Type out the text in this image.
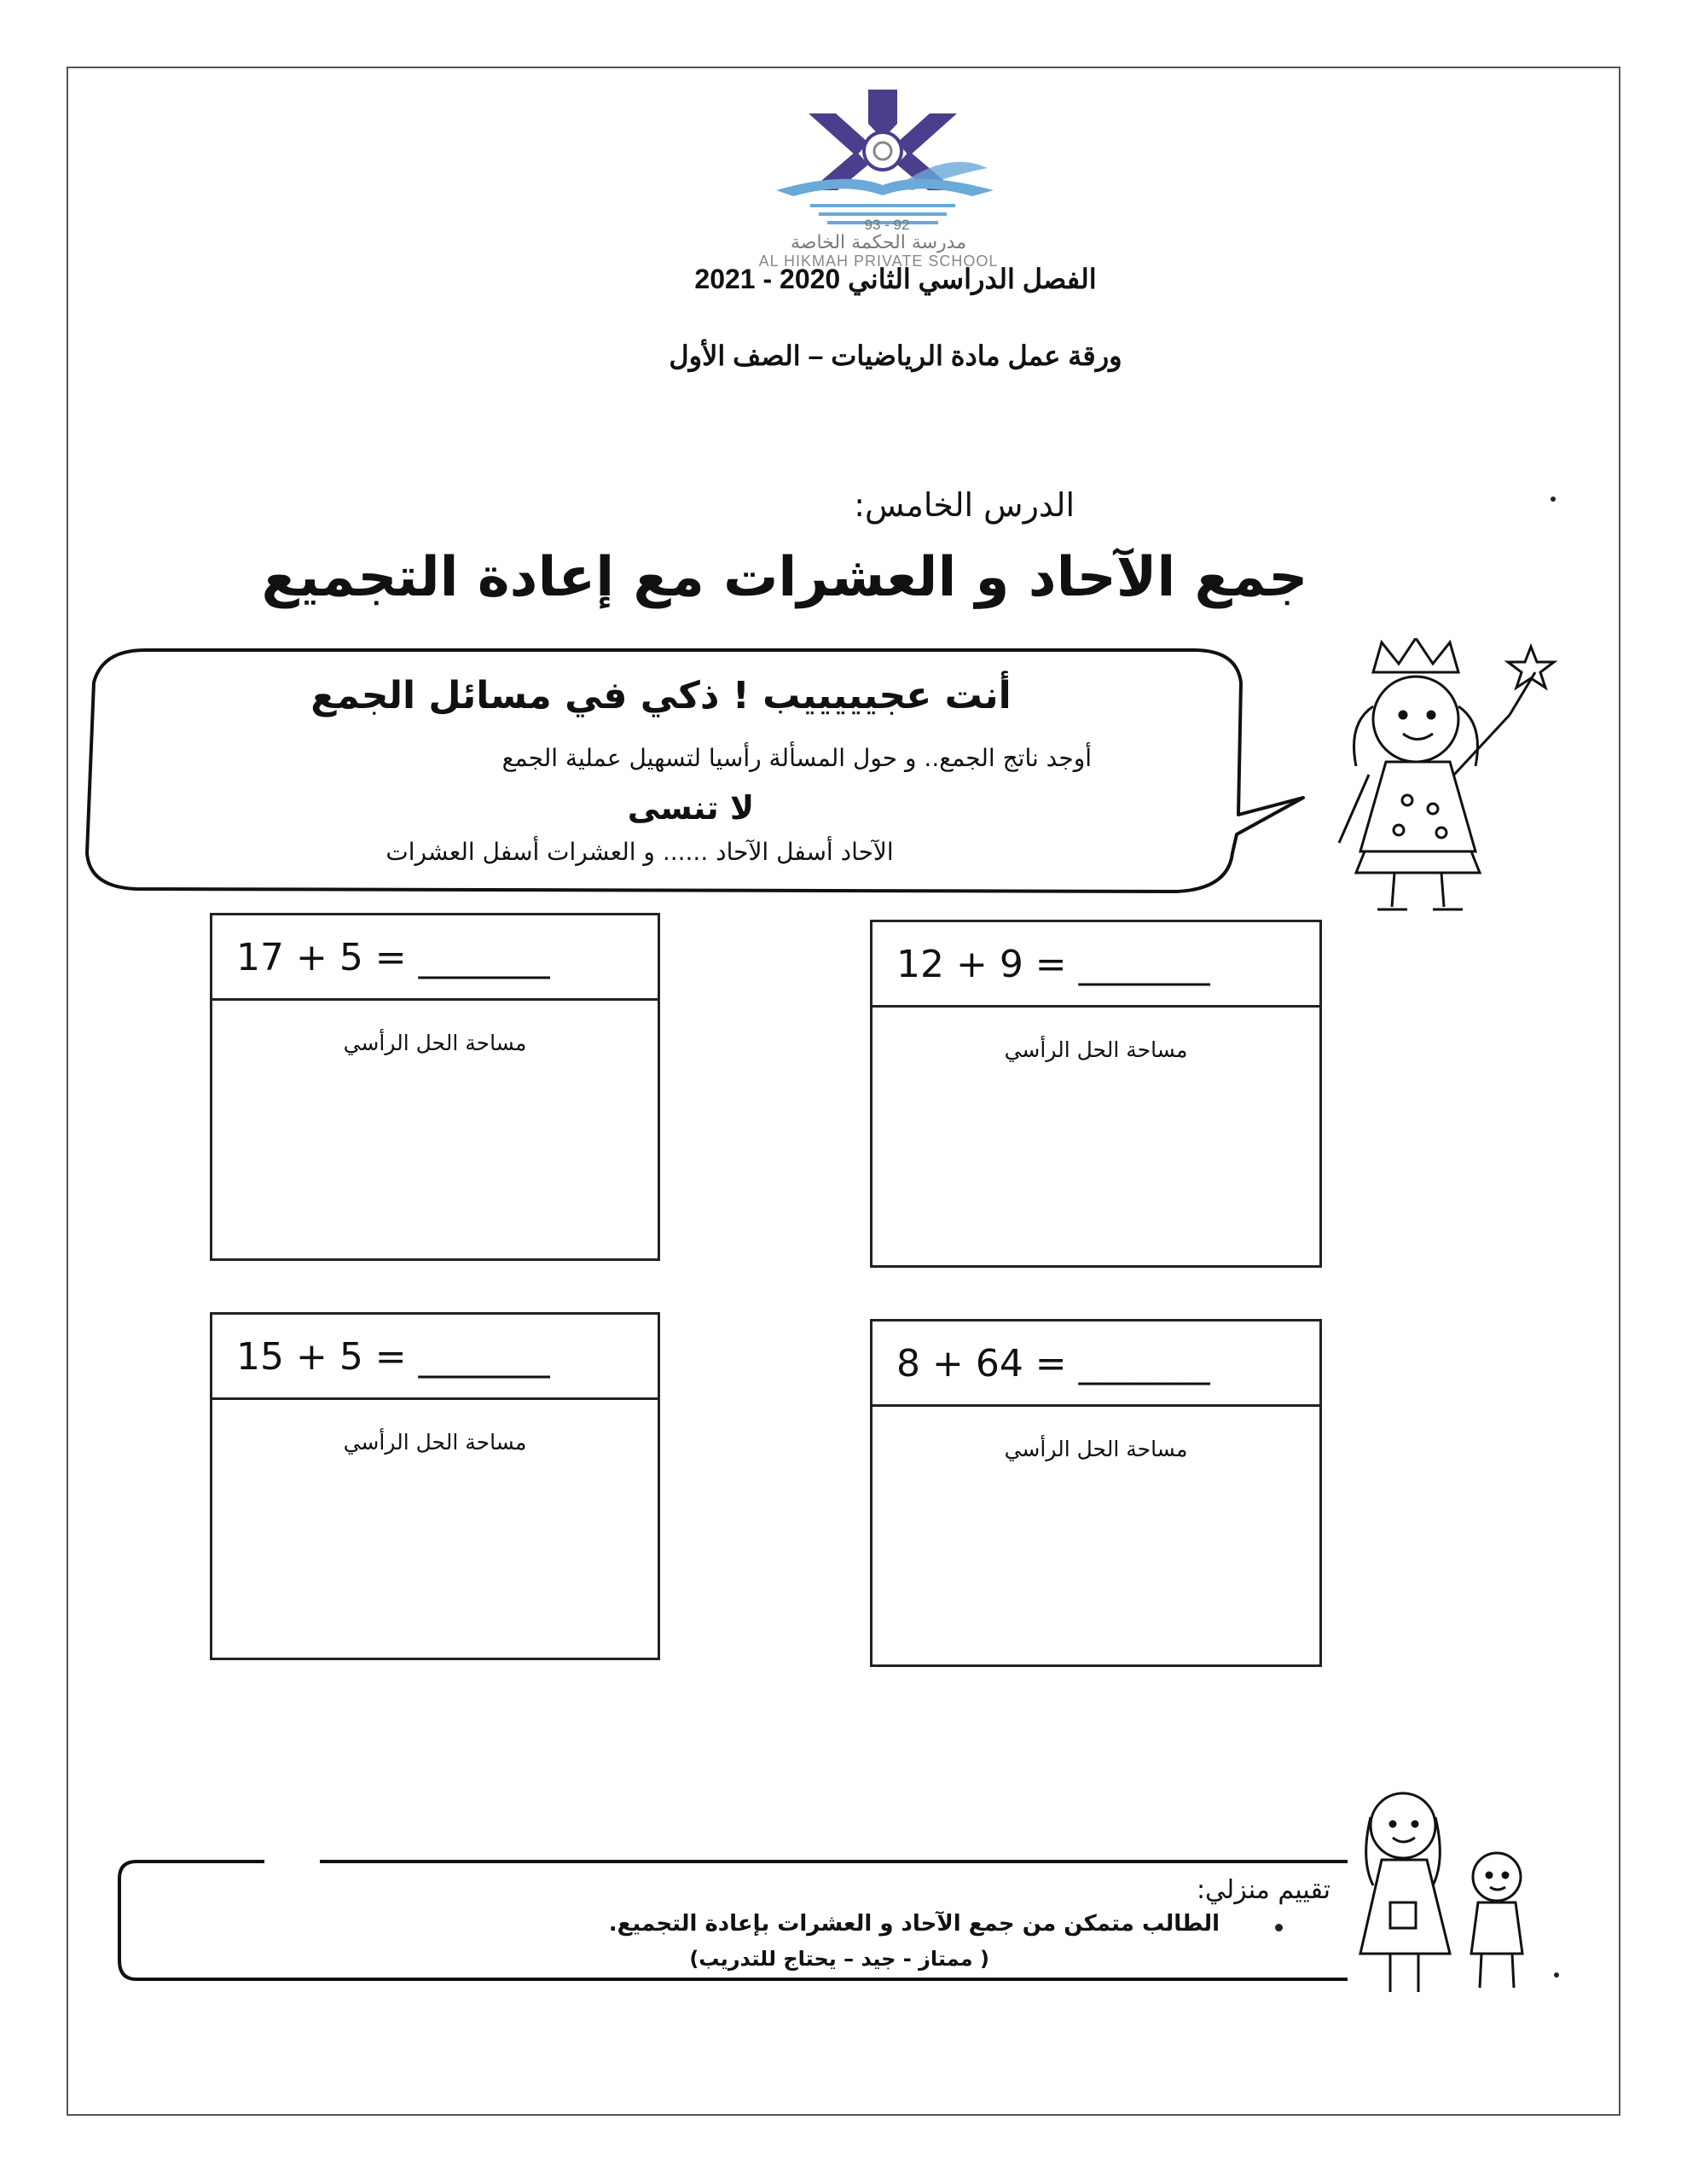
93 - 92
مدرسة الحكمة الخاصة
AL HIKMAH PRIVATE SCHOOL
الفصل الدراسي الثاني 2020 - 2021
ورقة عمل مادة الرياضيات – الصف الأول
الدرس الخامس:
جمع الآحاد و العشرات مع إعادة التجميع
أنت عجيييييب ! ذكي في مسائل الجمع
أوجد ناتج الجمع.. و حول المسألة رأسيا لتسهيل عملية الجمع
لا تنسى
الآحاد أسفل الآحاد ...... و العشرات أسفل العشرات
17 + 5 = _______
مساحة الحل الرأسي
12 + 9 = _______
مساحة الحل الرأسي
15 + 5 = _______
مساحة الحل الرأسي
8 + 64 = _______
مساحة الحل الرأسي
تقييم منزلي:
الطالب متمكن من جمع الآحاد و العشرات بإعادة التجميع.
( ممتاز - جيد – يحتاج للتدريب)
